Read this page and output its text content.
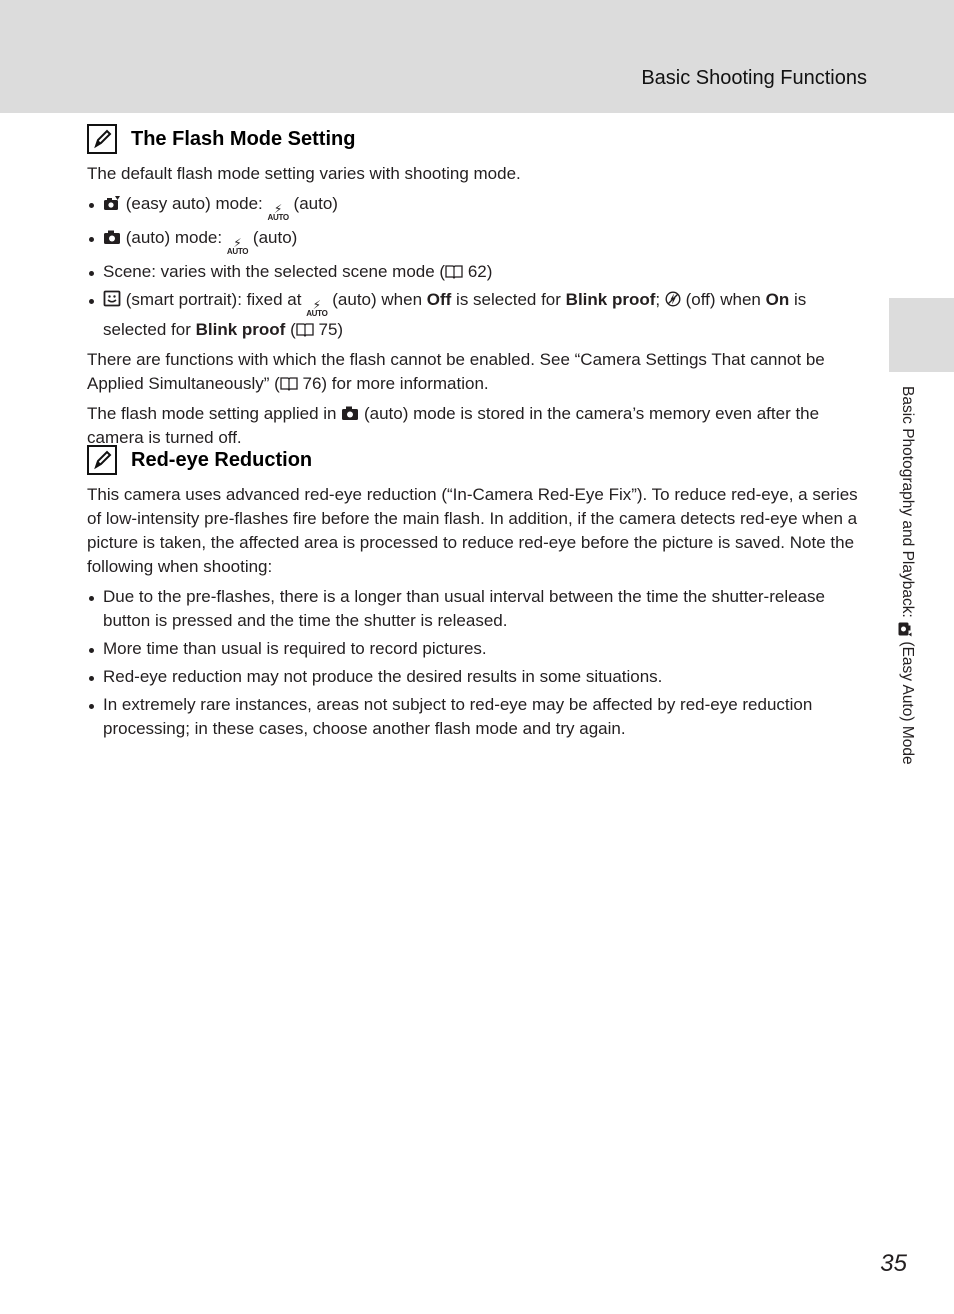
Basic Shooting Functions
Basic Photography and Playback:  (Easy Auto) Mode
The Flash Mode Setting

The default flash mode setting varies with shooting mode.

(easy auto) mode: ⚡
AUTO
(auto)
(auto) mode: ⚡
AUTO
(auto)
Scene: varies with the selected scene mode ( 62)
(smart portrait): fixed at ⚡
AUTO
(auto) when Off is selected for Blink proof; (off) when On is selected for Blink proof ( 75)

There are functions with which the flash cannot be enabled. See “Camera Settings That cannot be Applied Simultaneously” ( 76) for more information.

The flash mode setting applied in (auto) mode is stored in the camera’s memory even after the camera is turned off.

Red-eye Reduction

This camera uses advanced red-eye reduction (“In-Camera Red-Eye Fix”). To reduce red-eye, a series of low-intensity pre-flashes fire before the main flash. In addition, if the camera detects red-eye when a picture is taken, the affected area is processed to reduce red-eye before the picture is saved. Note the following when shooting:

Due to the pre-flashes, there is a longer than usual interval between the time the shutter-release button is pressed and the time the shutter is released.
More time than usual is required to record pictures.
Red-eye reduction may not produce the desired results in some situations.
In extremely rare instances, areas not subject to red-eye may be affected by red-eye reduction processing; in these cases, choose another flash mode and try again.
35
